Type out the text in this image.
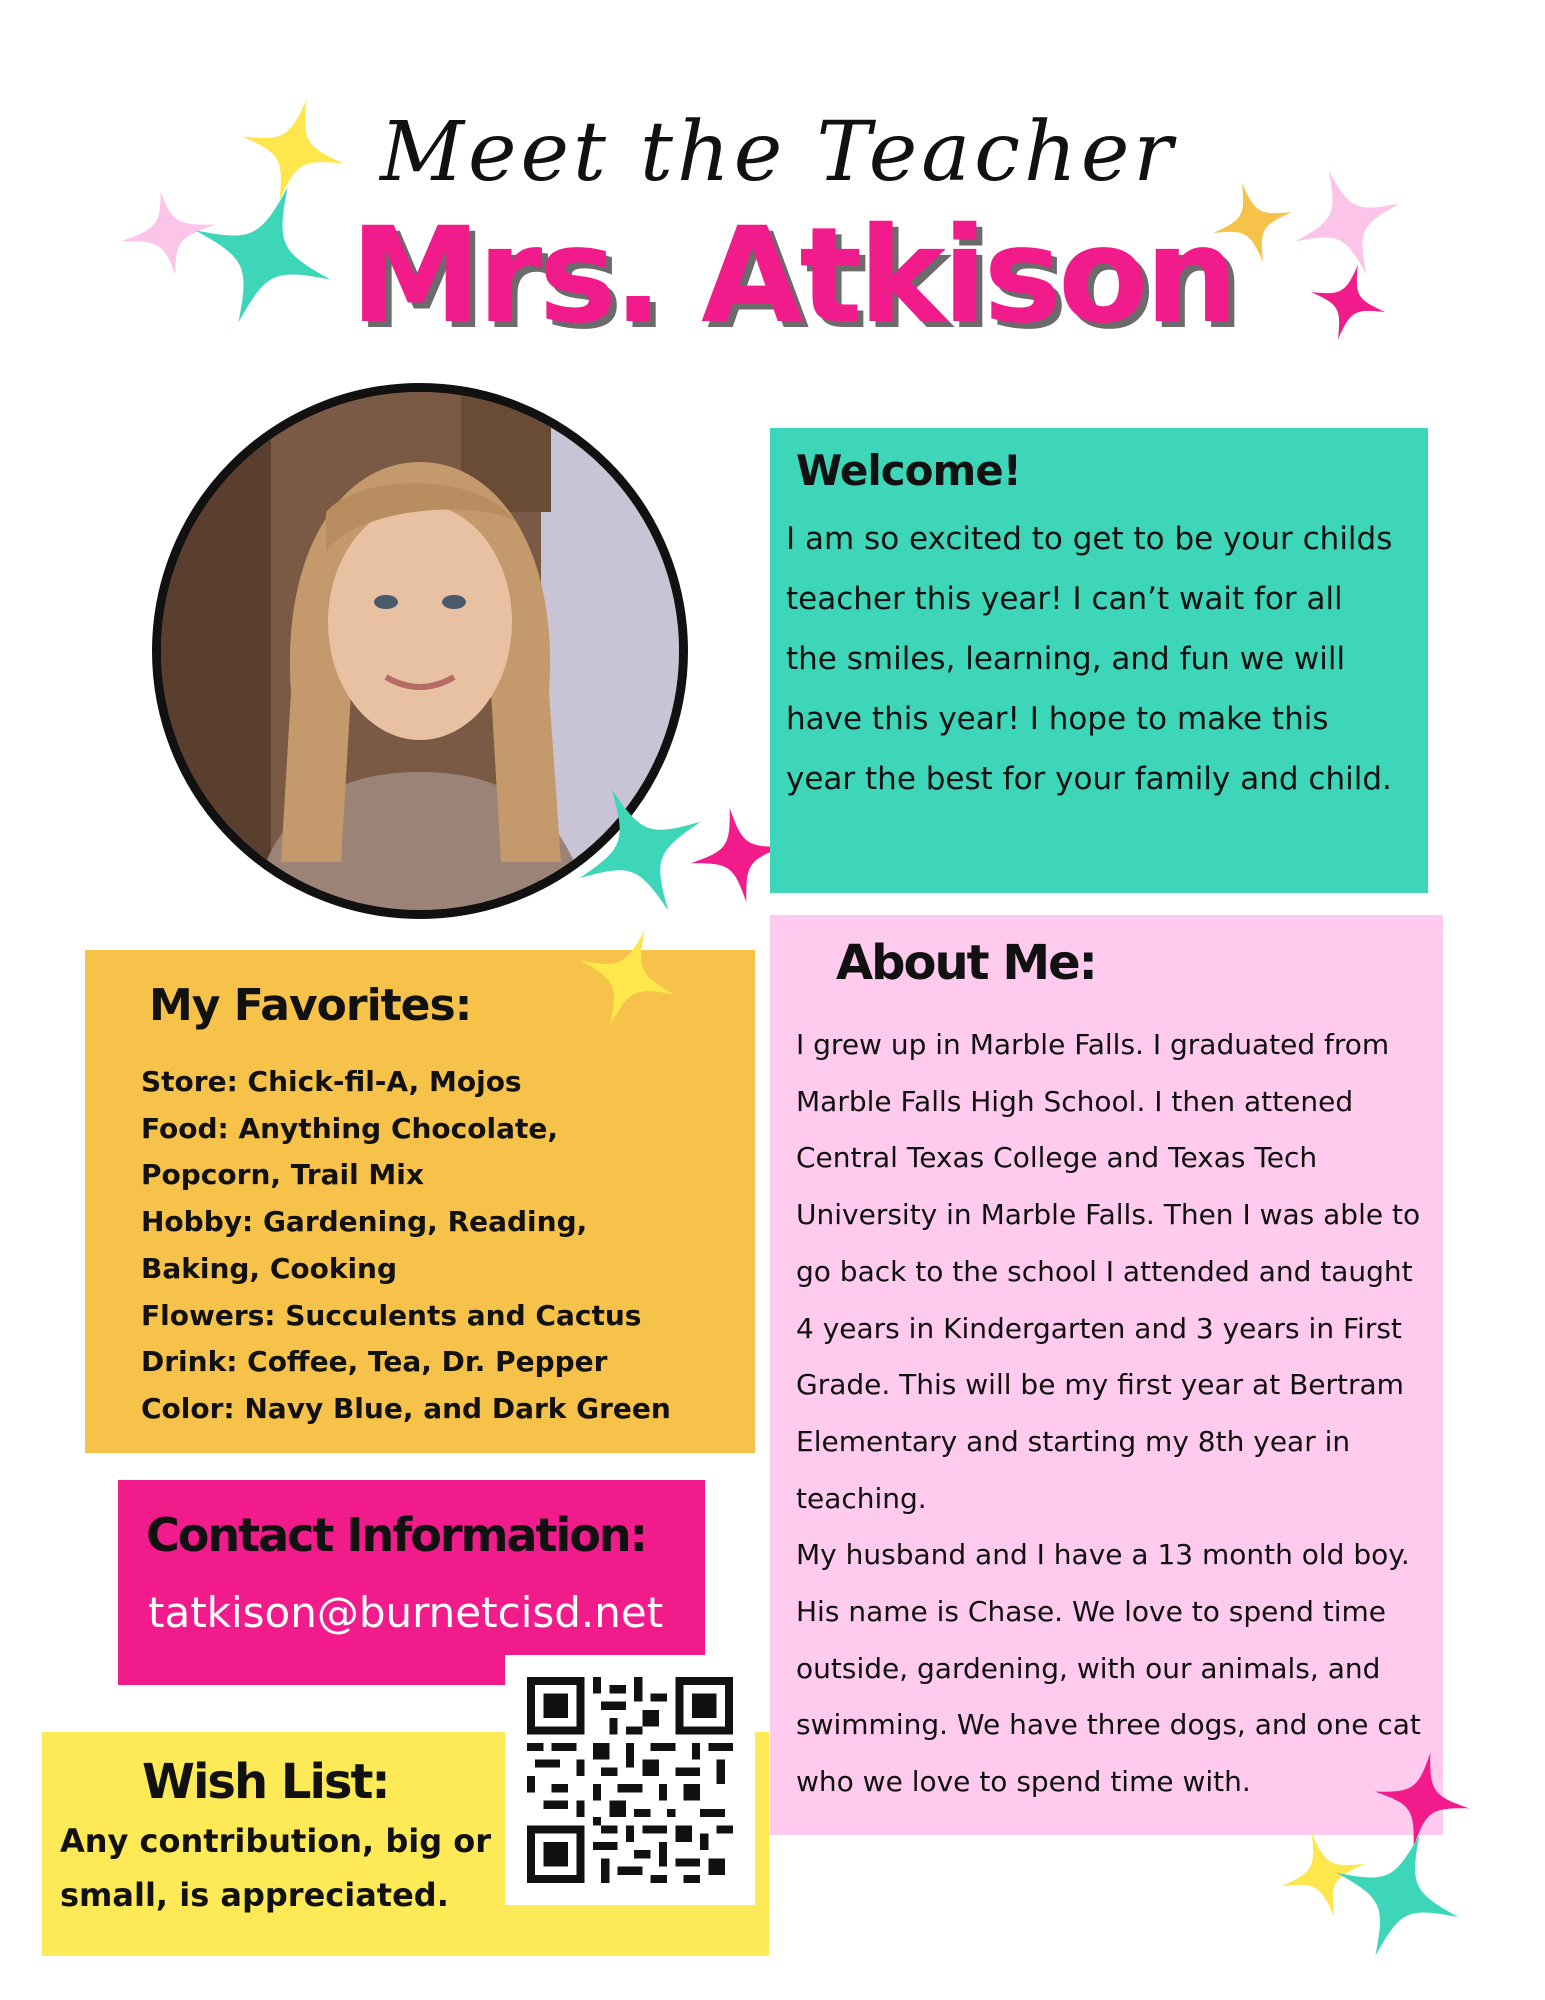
Meet the Teacher
Mrs. Atkison
Welcome!

I am so excited to get to be your childs teacher this year! I can’t wait for all the smiles, learning, and fun we will have this year! I hope to make this year the best for your family and child.

About Me:

I grew up in Marble Falls. I graduated from Marble Falls High School. I then attened Central Texas College and Texas Tech University in Marble Falls. Then I was able to go back to the school I attended and taught 4 years in Kindergarten and 3 years in First Grade. This will be my first year at Bertram Elementary and starting my 8th year in teaching.
My husband and I have a 13 month old boy. His name is Chase. We love to spend time outside, gardening, with our animals, and swimming. We have three dogs, and one cat who we love to spend time with.

My Favorites:
Store: Chick-fil-A, Mojos
Food: Anything Chocolate,
Popcorn, Trail Mix
Hobby: Gardening, Reading,
Baking, Cooking
Flowers: Succulents and Cactus
Drink: Coffee, Tea, Dr. Pepper
Color: Navy Blue, and Dark Green
Contact Information:
tatkison@burnetcisd.net
Wish List:

Any contribution, big or small, is appreciated.
